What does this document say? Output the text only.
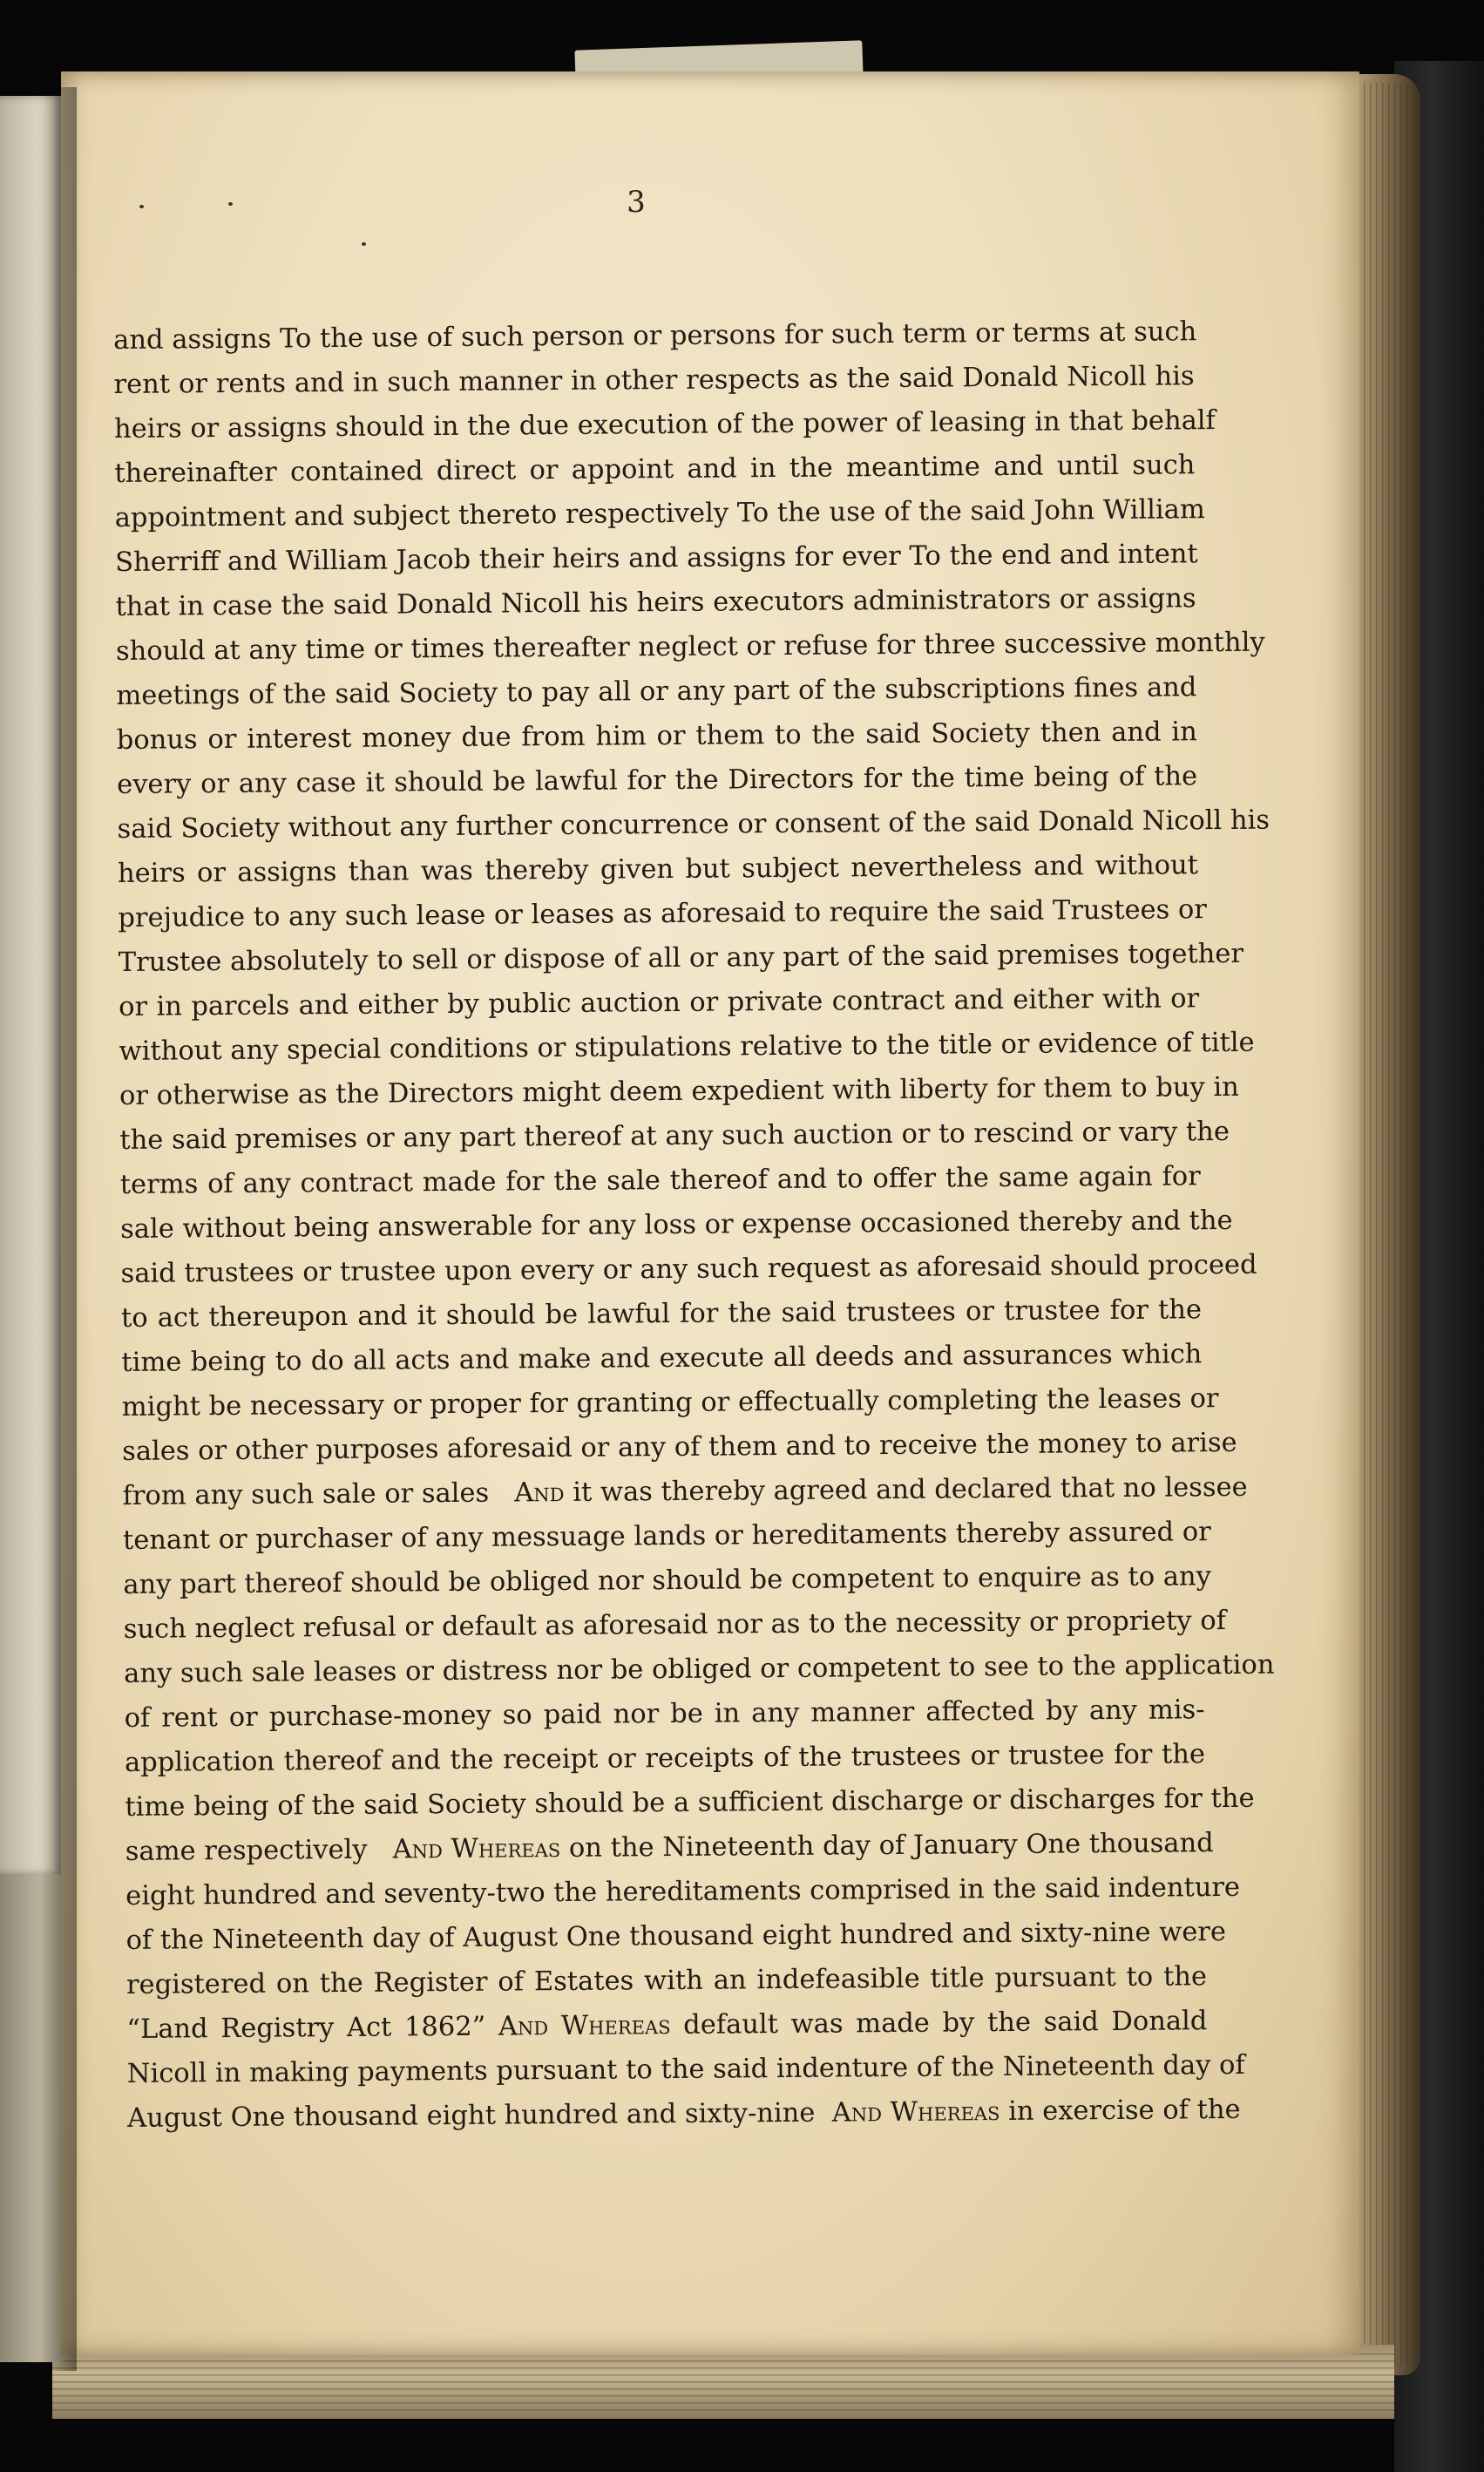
3
and assigns To the use of such person or persons for such term or terms at such
rent or rents and in such manner in other respects as the said Donald Nicoll his
heirs or assigns should in the due execution of the power of leasing in that behalf
thereinafter contained direct or appoint and in the meantime and until such
appointment and subject thereto respectively To the use of the said John William
Sherriff and William Jacob their heirs and assigns for ever To the end and intent
that in case the said Donald Nicoll his heirs executors administrators or assigns
should at any time or times thereafter neglect or refuse for three successive monthly
meetings of the said Society to pay all or any part of the subscriptions fines and
bonus or interest money due from him or them to the said Society then and in
every or any case it should be lawful for the Directors for the time being of the
said Society without any further concurrence or consent of the said Donald Nicoll his
heirs or assigns than was thereby given but subject nevertheless and without
prejudice to any such lease or leases as aforesaid to require the said Trustees or
Trustee absolutely to sell or dispose of all or any part of the said premises together
or in parcels and either by public auction or private contract and either with or
without any special conditions or stipulations relative to the title or evidence of title
or otherwise as the Directors might deem expedient with liberty for them to buy in
the said premises or any part thereof at any such auction or to rescind or vary the
terms of any contract made for the sale thereof and to offer the same again for
sale without being answerable for any loss or expense occasioned thereby and the
said trustees or trustee upon every or any such request as aforesaid should proceed
to act thereupon and it should be lawful for the said trustees or trustee for the
time being to do all acts and make and execute all deeds and assurances which
might be necessary or proper for granting or effectually completing the leases or
sales or other purposes aforesaid or any of them and to receive the money to arise
from any such sale or sales And it was thereby agreed and declared that no lessee
tenant or purchaser of any messuage lands or hereditaments thereby assured or
any part thereof should be obliged nor should be competent to enquire as to any
such neglect refusal or default as aforesaid nor as to the necessity or propriety of
any such sale leases or distress nor be obliged or competent to see to the application
of rent or purchase-money so paid nor be in any manner affected by any mis-
application thereof and the receipt or receipts of the trustees or trustee for the
time being of the said Society should be a sufficient discharge or discharges for the
same respectively And Whereas on the Nineteenth day of January One thousand
eight hundred and seventy-two the hereditaments comprised in the said indenture
of the Nineteenth day of August One thousand eight hundred and sixty-nine were
registered on the Register of Estates with an indefeasible title pursuant to the
“Land Registry Act 1862” And Whereas default was made by the said Donald
Nicoll in making payments pursuant to the said indenture of the Nineteenth day of
August One thousand eight hundred and sixty-nine And Whereas in exercise of the
